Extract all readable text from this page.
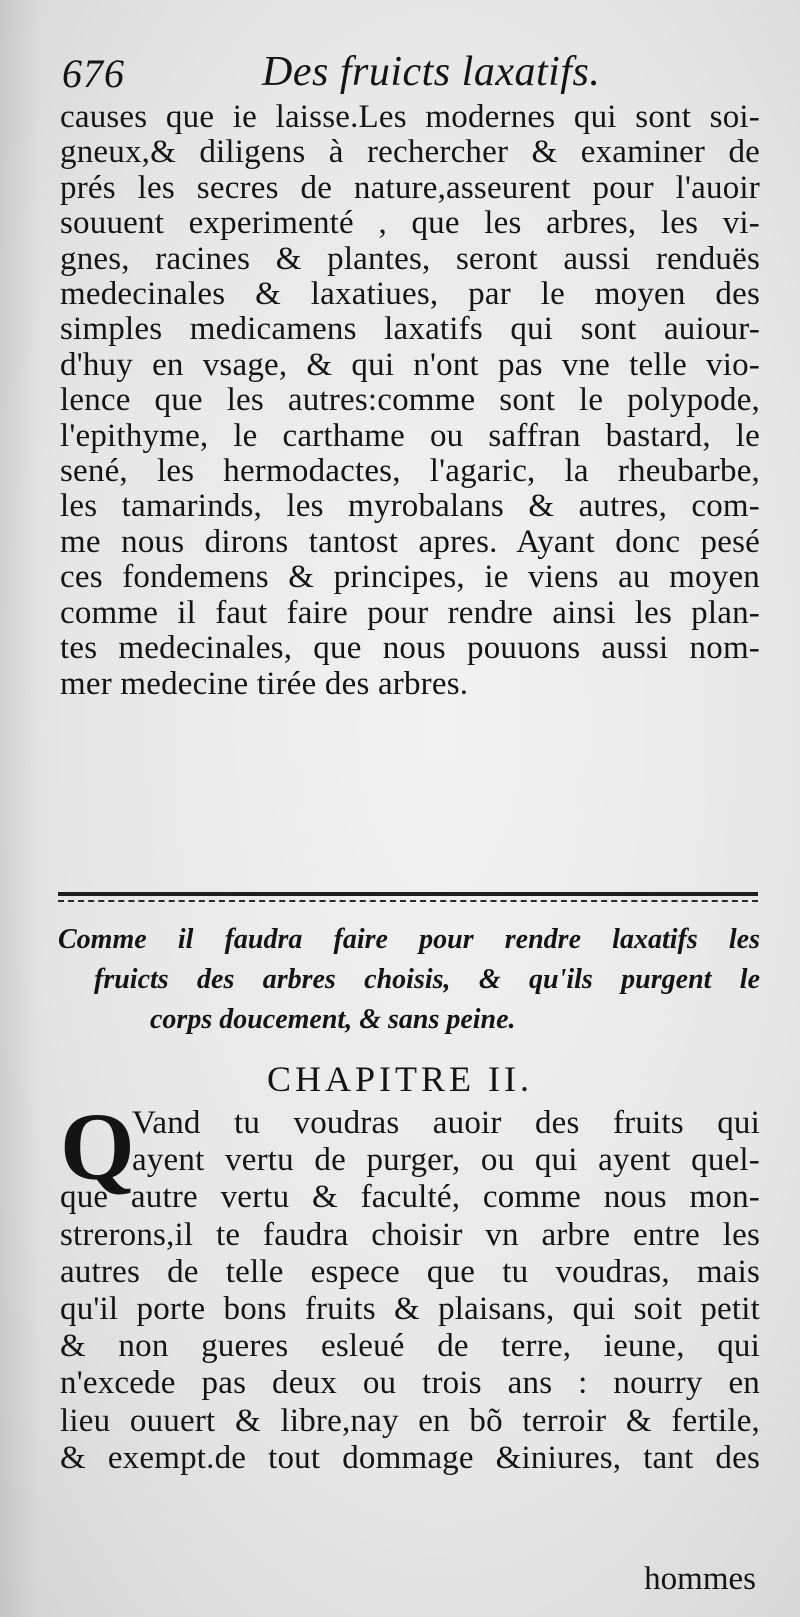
676	Des fruicts laxatifs.
causes que ie laisse.Les modernes qui sont soi-
gneux,& diligens à rechercher & examiner de
prés les secres de nature,asseurent pour l'auoir
souuent experimenté , que les arbres, les vi-
gnes, racines & plantes, seront aussi renduës
medecinales & laxatiues, par le moyen des
simples medicamens laxatifs qui sont auiour-
d'huy en vsage, & qui n'ont pas vne telle vio-
lence que les autres:comme sont le polypode,
l'epithyme, le carthame ou saffran bastard, le
sené, les hermodactes, l'agaric, la rheubarbe,
les tamarinds, les myrobalans & autres, com-
me nous dirons tantost apres. Ayant donc pesé
ces fondemens & principes, ie viens au moyen
comme il faut faire pour rendre ainsi les plan-
tes medecinales, que nous pouuons aussi nom-
mer medecine tirée des arbres.
Comme il faudra faire pour rendre laxatifs les
fruicts des arbres choisis, & qu'ils purgent le
corps doucement, & sans peine.
CHAPITRE II.
Q
Vand tu voudras auoir des fruits qui
ayent vertu de purger, ou qui ayent quel-
que autre vertu & faculté, comme nous mon-
strerons,il te faudra choisir vn arbre entre les
autres de telle espece que tu voudras, mais
qu'il porte bons fruits & plaisans, qui soit petit
& non gueres esleué de terre, ieune, qui
n'excede pas deux ou trois ans : nourry en
lieu ouuert & libre,nay en bõ terroir & fertile,
& exempt.de tout dommage &iniures, tant des
hommes
